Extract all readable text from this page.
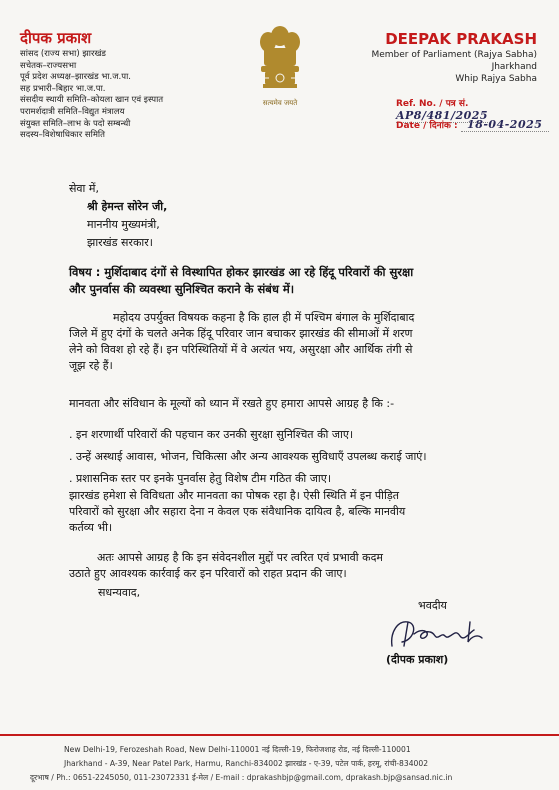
दीपक प्रकाश
सांसद (राज्य सभा) झारखंड
सचेतक–राज्यसभा
पूर्व प्रदेश अध्यक्ष–झारखंड भा.ज.पा.
सह प्रभारी–बिहार भा.ज.पा.
संसदीय स्थायी समिति–कोयला खान एवं इस्पात
परामर्शदात्री समिति–विद्युत मंत्रालय
संयुक्त समिति–लाभ के पदो सम्बन्धी
सदस्य–विशेषाधिकार समिति
सत्यमेव जयते
DEEPAK PRAKASH
Member of Parliament (Rajya Sabha)
Jharkhand
Whip Rajya Sabha
Ref. No. / पत्र सं. AP8/481/2025
Date / दिनांक : 18-04-2025
सेवा में,
श्री हेमन्त सोरेन जी,
माननीय मुख्यमंत्री,
झारखंड सरकार।
विषय : मुर्शिदाबाद दंगों से विस्थापित होकर झारखंड आ रहे हिंदू परिवारों की सुरक्षा
और पुनर्वास की व्यवस्था सुनिश्चित कराने के संबंध में।
महोदय उपर्युक्त विषयक कहना है कि हाल ही में पश्चिम बंगाल के मुर्शिदाबाद
जिले में हुए दंगों के चलते अनेक हिंदू परिवार जान बचाकर झारखंड की सीमाओं में शरण
लेने को विवश हो रहे हैं। इन परिस्थितियों में वे अत्यंत भय, असुरक्षा और आर्थिक तंगी से
जूझ रहे हैं।
मानवता और संविधान के मूल्यों को ध्यान में रखते हुए हमारा आपसे आग्रह है कि :-
. इन शरणार्थी परिवारों की पहचान कर उनकी सुरक्षा सुनिश्चित की जाए।
. उन्हें अस्थाई आवास, भोजन, चिकित्सा और अन्य आवश्यक सुविधाएँ उपलब्ध कराई जाएं।
. प्रशासनिक स्तर पर इनके पुनर्वास हेतु विशेष टीम गठित की जाए।
झारखंड हमेशा से विविधता और मानवता का पोषक रहा है। ऐसी स्थिति में इन पीड़ित
परिवारों को सुरक्षा और सहारा देना न केवल एक संवैधानिक दायित्व है, बल्कि मानवीय
कर्तव्य भी।
अतः आपसे आग्रह है कि इन संवेदनशील मुद्दों पर त्वरित एवं प्रभावी कदम
उठाते हुए आवश्यक कार्रवाई कर इन परिवारों को राहत प्रदान की जाए।
सधन्यवाद,
भवदीय
(दीपक प्रकाश)
New Delhi-19, Ferozeshah Road, New Delhi-110001 नई दिल्ली-19, फिरोजशाह रोड, नई दिल्ली-110001
Jharkhand - A-39, Near Patel Park, Harmu, Ranchi-834002 झारखंड - ए-39, पटेल पार्क, हरमू, रांची-834002
दूरभाष / Ph.: 0651-2245050, 011-23072331 ई-मेल / E-mail : dprakashbjp@gmail.com, dprakash.bjp@sansad.nic.in
